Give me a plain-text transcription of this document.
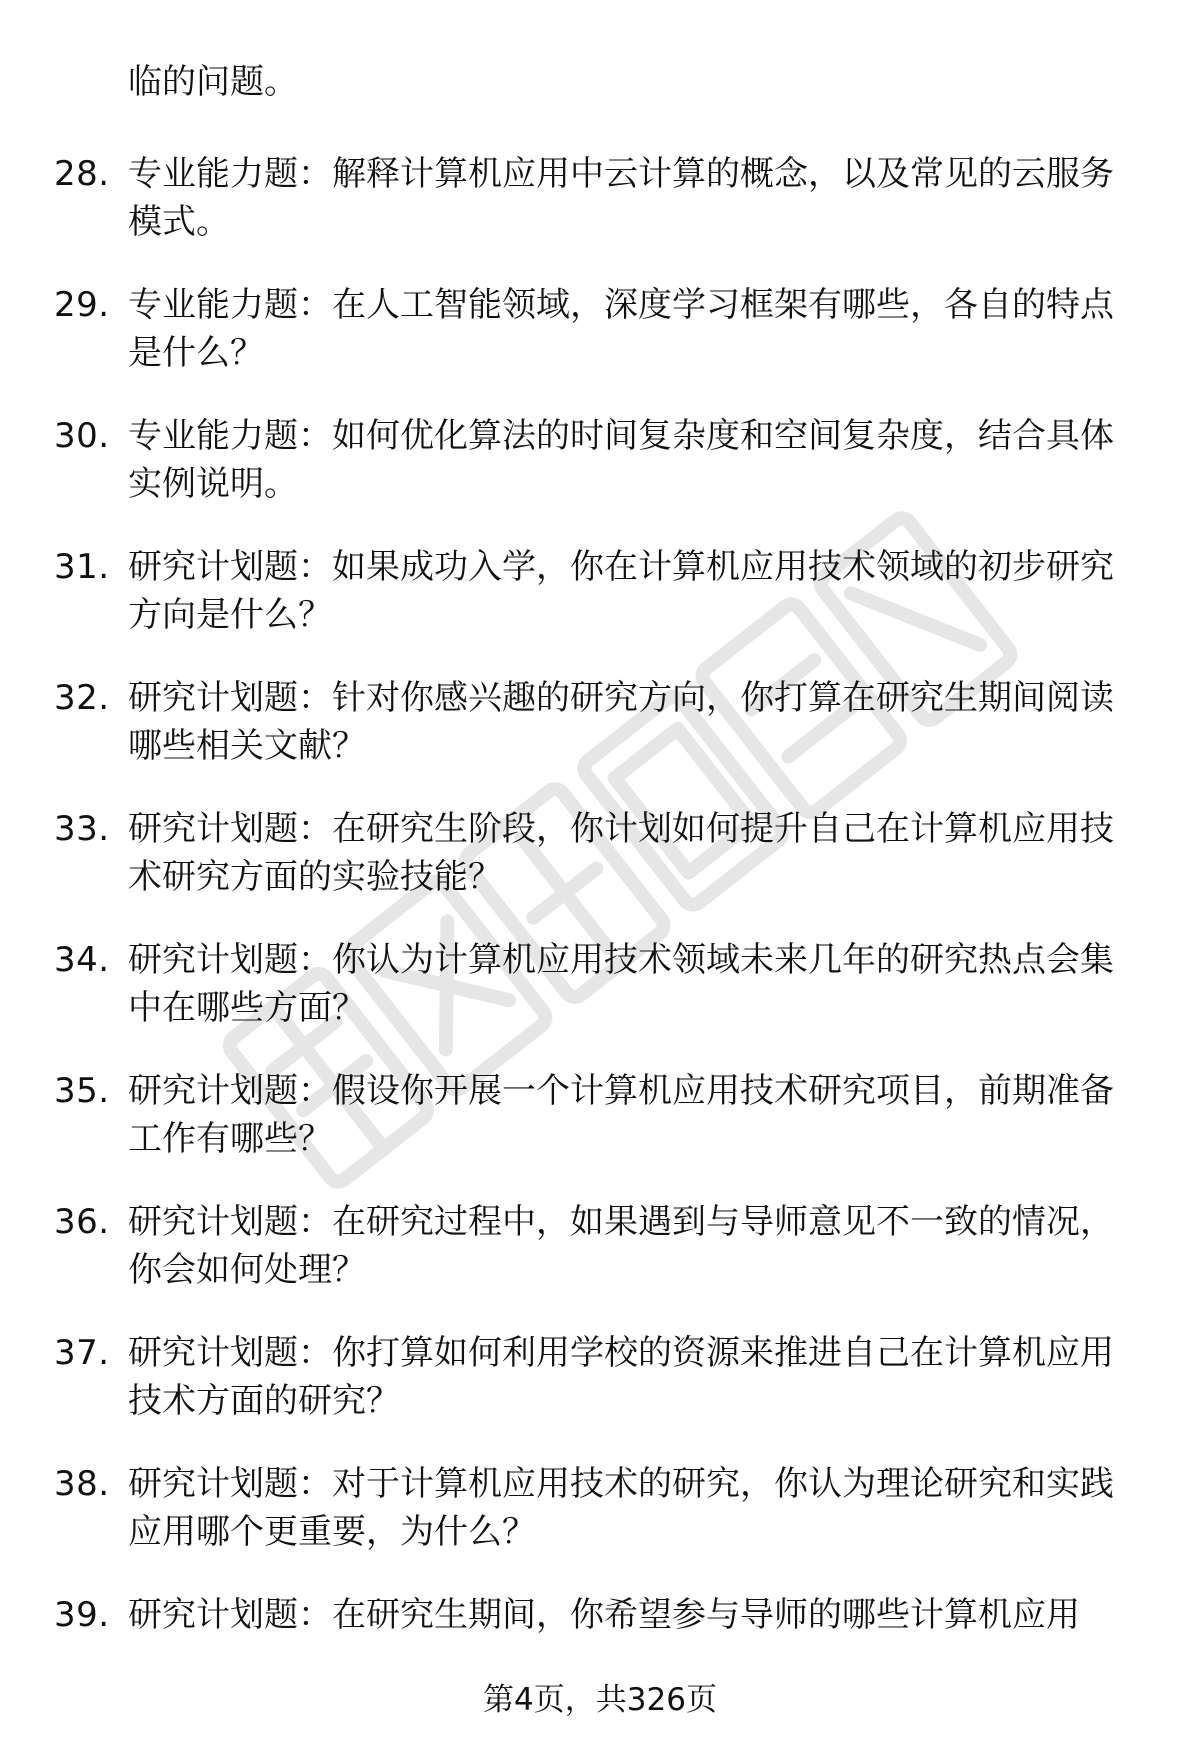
临的问题。

28. 专业能力题：解释计算机应用中云计算的概念，以及常见的云服务模式。

29. 专业能力题：在人工智能领域，深度学习框架有哪些，各自的特点是什么？

30. 专业能力题：如何优化算法的时间复杂度和空间复杂度，结合具体实例说明。

31. 研究计划题：如果成功入学，你在计算机应用技术领域的初步研究方向是什么？

32. 研究计划题：针对你感兴趣的研究方向，你打算在研究生期间阅读哪些相关文献？

33. 研究计划题：在研究生阶段，你计划如何提升自己在计算机应用技术研究方面的实验技能？

34. 研究计划题：你认为计算机应用技术领域未来几年的研究热点会集中在哪些方面？

35. 研究计划题：假设你开展一个计算机应用技术研究项目，前期准备工作有哪些？

36. 研究计划题：在研究过程中，如果遇到与导师意见不一致的情况，你会如何处理？

37. 研究计划题：你打算如何利用学校的资源来推进自己在计算机应用技术方面的研究？

38. 研究计划题：对于计算机应用技术的研究，你认为理论研究和实践应用哪个更重要，为什么？

39. 研究计划题：在研究生期间，你希望参与导师的哪些计算机应用

第4页，共326页
